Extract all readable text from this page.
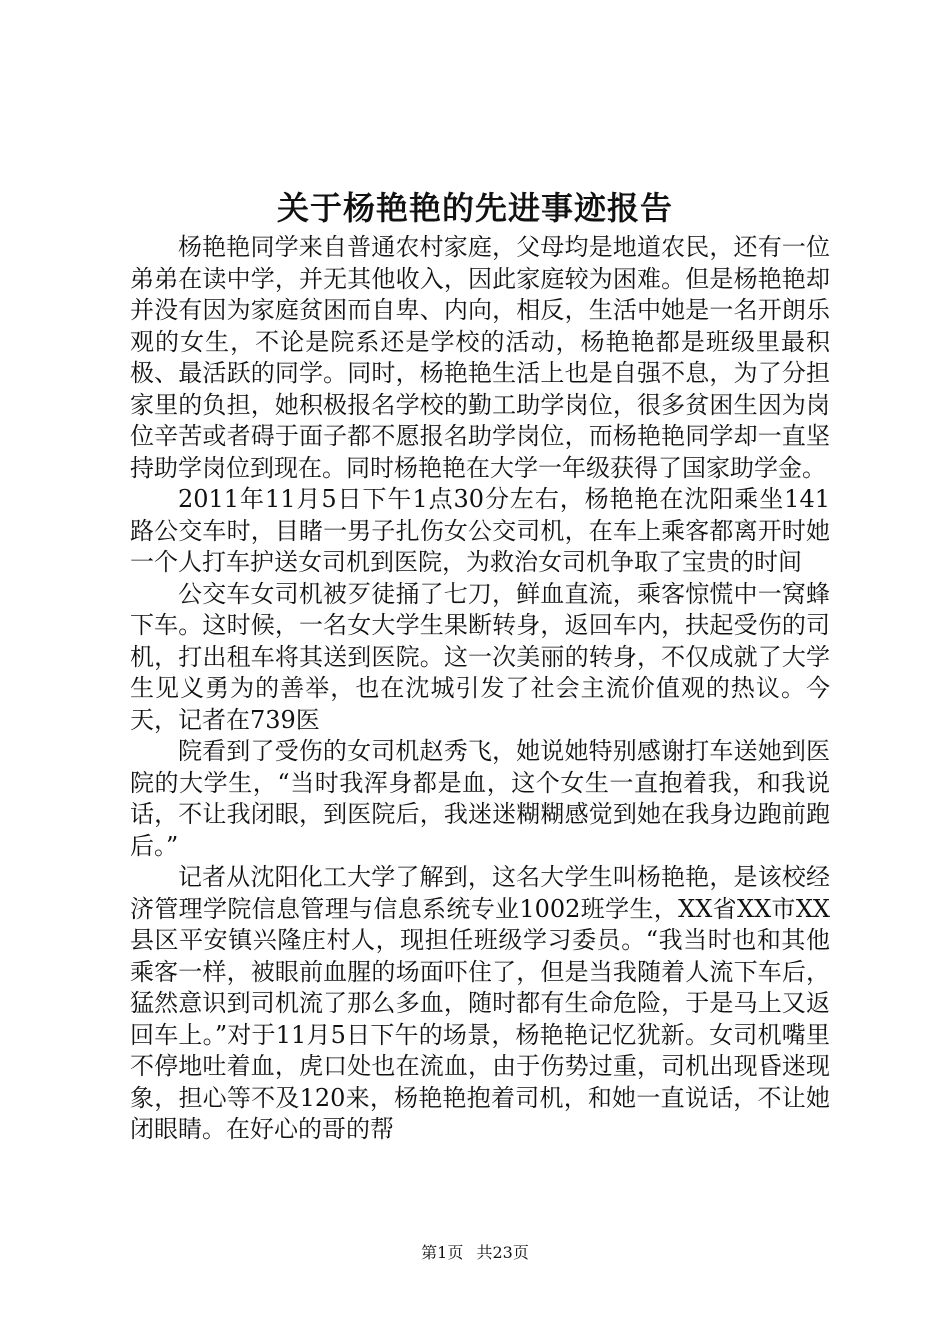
关于杨艳艳的先进事迹报告

杨艳艳同学来自普通农村家庭，父母均是地道农民，还有一位弟弟在读中学，并无其他收入，因此家庭较为困难。但是杨艳艳却并没有因为家庭贫困而自卑、内向，相反，生活中她是一名开朗乐观的女生，不论是院系还是学校的活动，杨艳艳都是班级里最积极、最活跃的同学。同时，杨艳艳生活上也是自强不息，为了分担家里的负担，她积极报名学校的勤工助学岗位，很多贫困生因为岗位辛苦或者碍于面子都不愿报名助学岗位，而杨艳艳同学却一直坚持助学岗位到现在。同时杨艳艳在大学一年级获得了国家助学金。

2011年11月5日下午1点30分左右，杨艳艳在沈阳乘坐141路公交车时，目睹一男子扎伤女公交司机，在车上乘客都离开时她一个人打车护送女司机到医院，为救治女司机争取了宝贵的时间

公交车女司机被歹徒捅了七刀，鲜血直流，乘客惊慌中一窝蜂下车。这时候，一名女大学生果断转身，返回车内，扶起受伤的司机，打出租车将其送到医院。这一次美丽的转身，不仅成就了大学生见义勇为的善举，也在沈城引发了社会主流价值观的热议。今天，记者在739医

院看到了受伤的女司机赵秀飞，她说她特别感谢打车送她到医院的大学生，“当时我浑身都是血，这个女生一直抱着我，和我说话，不让我闭眼，到医院后，我迷迷糊糊感觉到她在我身边跑前跑后。”

记者从沈阳化工大学了解到，这名大学生叫杨艳艳，是该校经济管理学院信息管理与信息系统专业1002班学生，XX省XX市XX县区平安镇兴隆庄村人，现担任班级学习委员。“我当时也和其他乘客一样，被眼前血腥的场面吓住了，但是当我随着人流下车后，猛然意识到司机流了那么多血，随时都有生命危险，于是马上又返回车上。”对于11月5日下午的场景，杨艳艳记忆犹新。女司机嘴里不停地吐着血，虎口处也在流血，由于伤势过重，司机出现昏迷现象，担心等不及120来，杨艳艳抱着司机，和她一直说话，不让她闭眼睛。在好心的哥的帮

第1页 共23页
